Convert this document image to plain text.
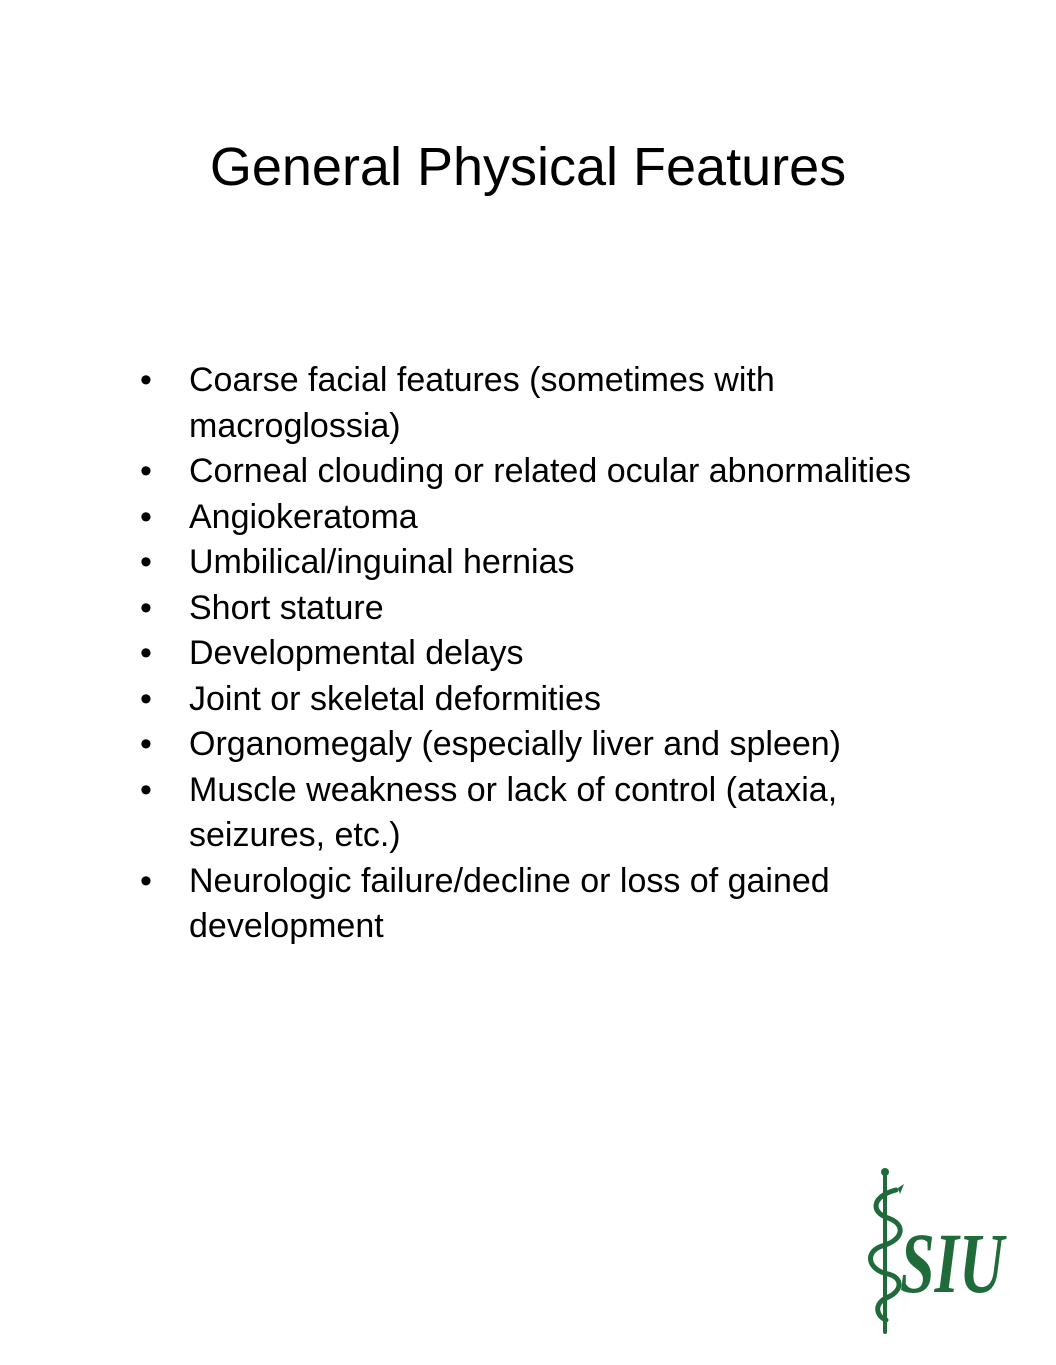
General Physical Features
• Coarse facial features (sometimes with macroglossia)
• Corneal clouding or related ocular abnormalities
• Angiokeratoma
• Umbilical/inguinal hernias
• Short stature
• Developmental delays
• Joint or skeletal deformities
• Organomegaly (especially liver and spleen)
• Muscle weakness or lack of control (ataxia, seizures, etc.)
• Neurologic failure/decline or loss of gained development
SIU
